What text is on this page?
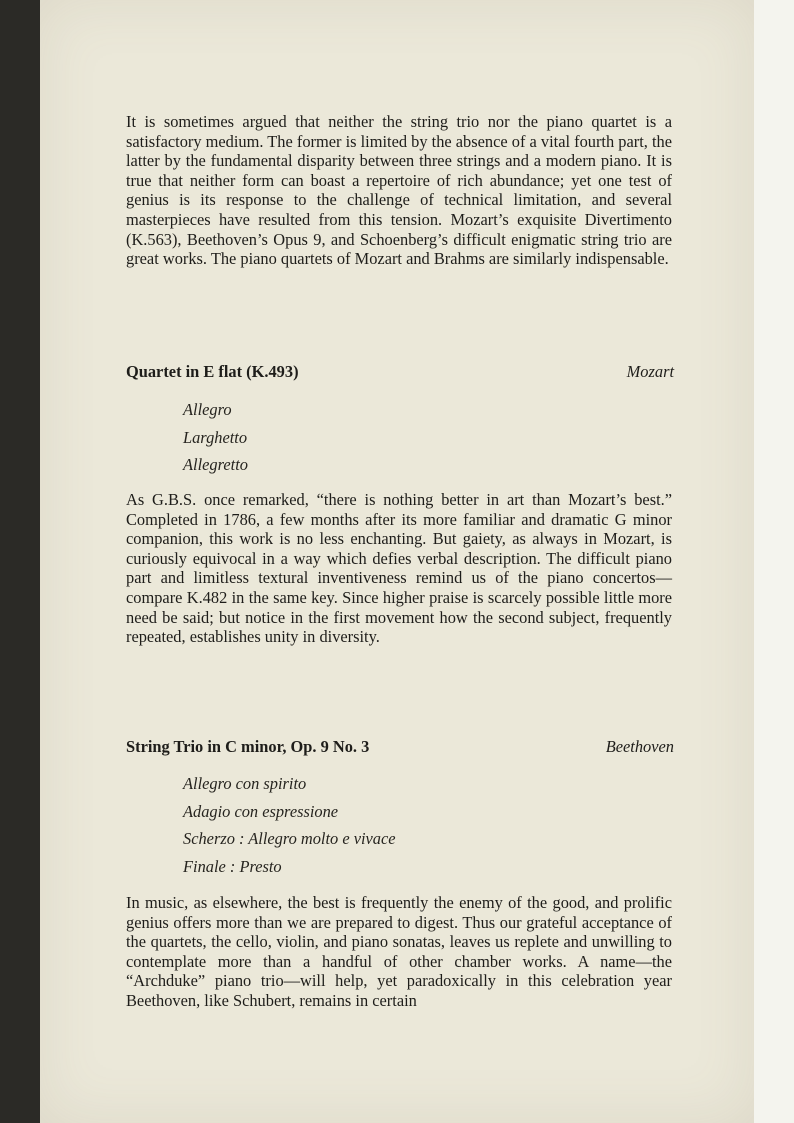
It is sometimes argued that neither the string trio nor the piano quartet is a satisfactory medium. The former is limited by the absence of a vital fourth part, the latter by the fundamental disparity between three strings and a modern piano. It is true that neither form can boast a repertoire of rich abundance; yet one test of genius is its response to the challenge of technical limitation, and several masterpieces have resulted from this tension. Mozart’s exquisite Divertimento (K.563), Beethoven’s Opus 9, and Schoenberg’s difficult enigmatic string trio are great works. The piano quartets of Mozart and Brahms are similarly indispensable.

Quartet in E flat (K.493)	Mozart
Allegro
Larghetto
Allegretto

As G.B.S. once remarked, “there is nothing better in art than Mozart’s best.” Completed in 1786, a few months after its more familiar and dramatic G minor companion, this work is no less enchanting. But gaiety, as always in Mozart, is curiously equivocal in a way which defies verbal description. The difficult piano part and limitless textural inventiveness remind us of the piano concertos—compare K.482 in the same key. Since higher praise is scarcely possible little more need be said; but notice in the first movement how the second subject, frequently repeated, establishes unity in diversity.

String Trio in C minor, Op. 9 No. 3	Beethoven
Allegro con spirito
Adagio con espressione
Scherzo : Allegro molto e vivace
Finale : Presto

In music, as elsewhere, the best is frequently the enemy of the good, and prolific genius offers more than we are prepared to digest. Thus our grateful acceptance of the quartets, the cello, violin, and piano sonatas, leaves us replete and unwilling to contemplate more than a handful of other chamber works. A name—the “Archduke” piano trio—will help, yet paradoxically in this celebration year Beethoven, like Schubert, remains in certain
